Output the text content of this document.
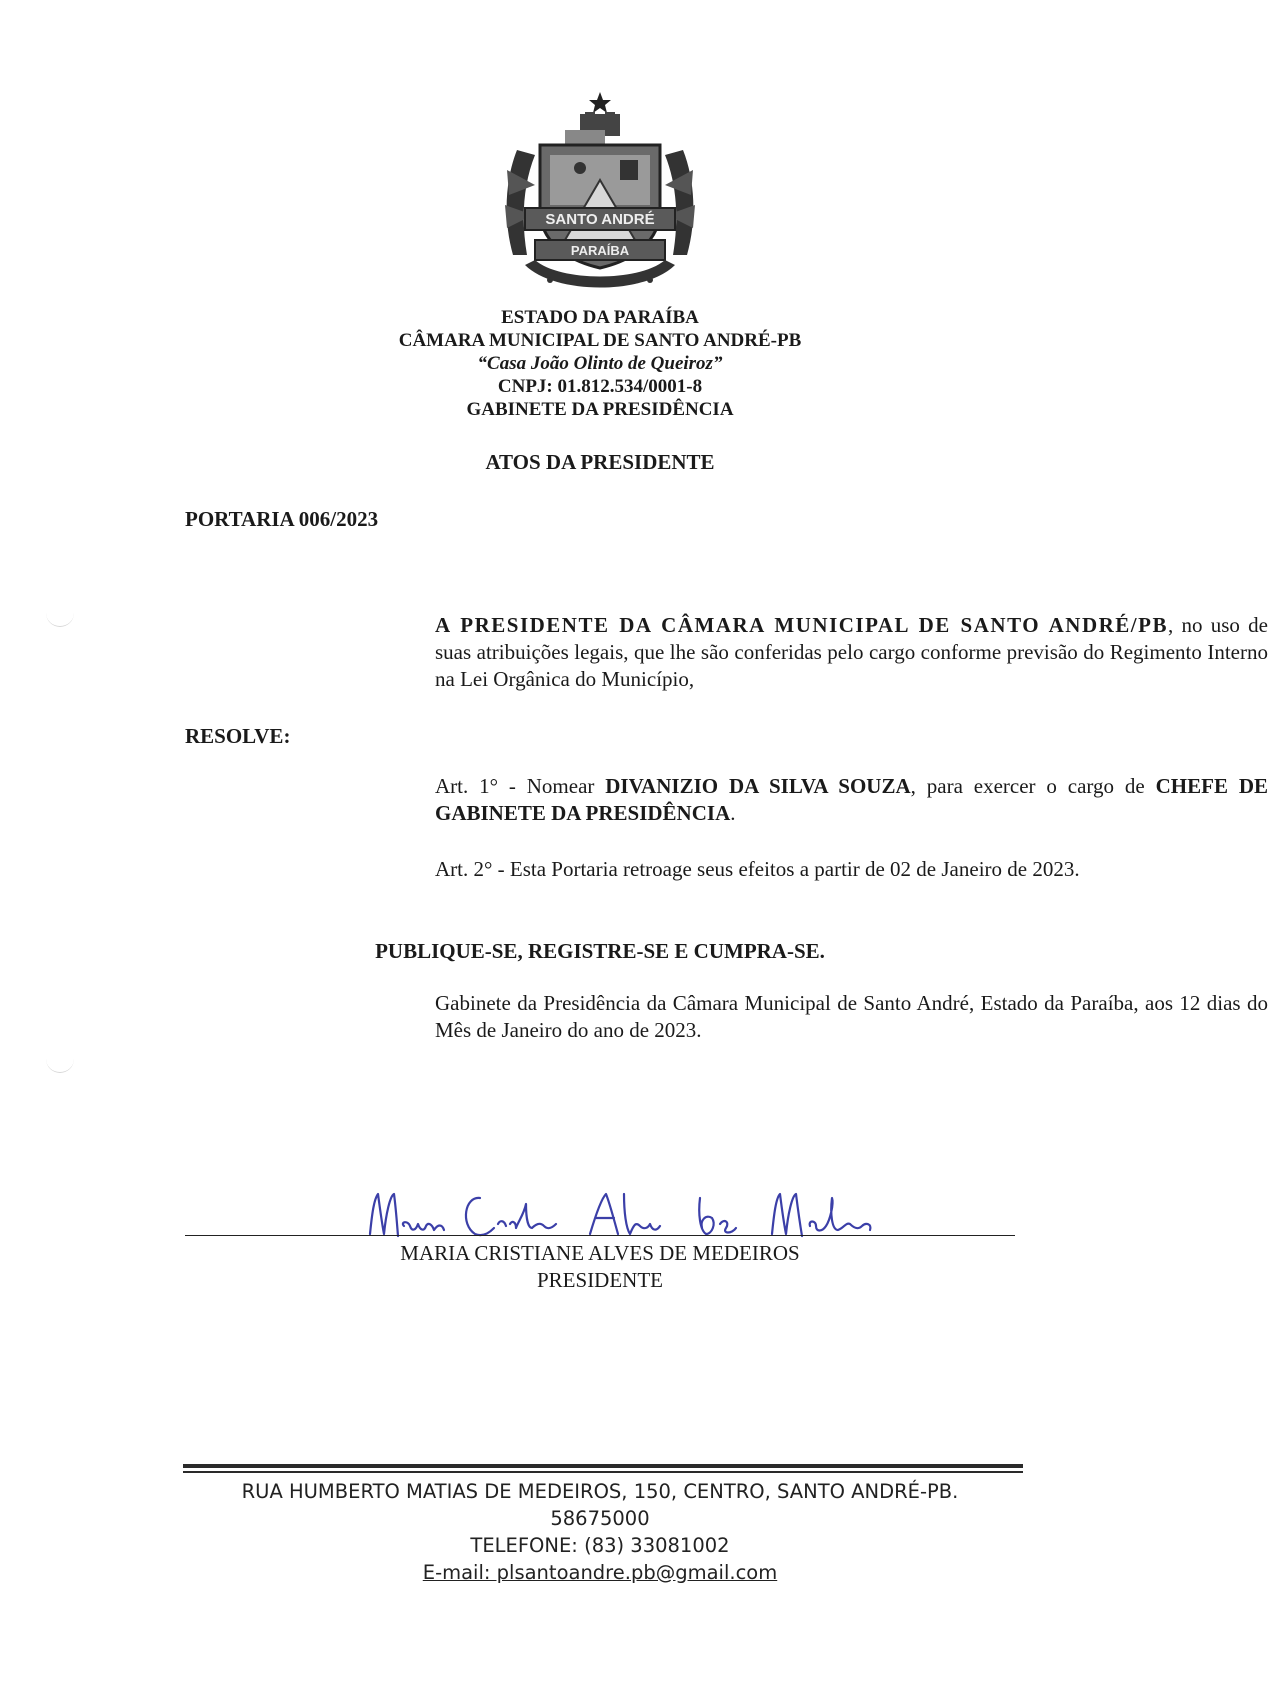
SANTO ANDRÉ
PARAÍBA
ESTADO DA PARAÍBA
CÂMARA MUNICIPAL DE SANTO ANDRÉ-PB
“Casa João Olinto de Queiroz”
CNPJ: 01.812.534/0001-8
GABINETE DA PRESIDÊNCIA
ATOS DA PRESIDENTE
PORTARIA 006/2023
A PRESIDENTE DA CÂMARA MUNICIPAL DE SANTO ANDRÉ/PB, no uso de suas atribuições legais, que lhe são conferidas pelo cargo conforme previsão do Regimento Interno na Lei Orgânica do Município,
RESOLVE:
Art. 1° - Nomear DIVANIZIO DA SILVA SOUZA, para exercer o cargo de CHEFE DE GABINETE DA PRESIDÊNCIA.
Art. 2° - Esta Portaria retroage seus efeitos a partir de 02 de Janeiro de 2023.
PUBLIQUE-SE, REGISTRE-SE E CUMPRA-SE.
Gabinete da Presidência da Câmara Municipal de Santo André, Estado da Paraíba, aos 12 dias do Mês de Janeiro do ano de 2023.
MARIA CRISTIANE ALVES DE MEDEIROS
PRESIDENTE
RUA HUMBERTO MATIAS DE MEDEIROS, 150, CENTRO, SANTO ANDRÉ-PB.
58675000
TELEFONE: (83) 33081002
E-mail: plsantoandre.pb@gmail.com
